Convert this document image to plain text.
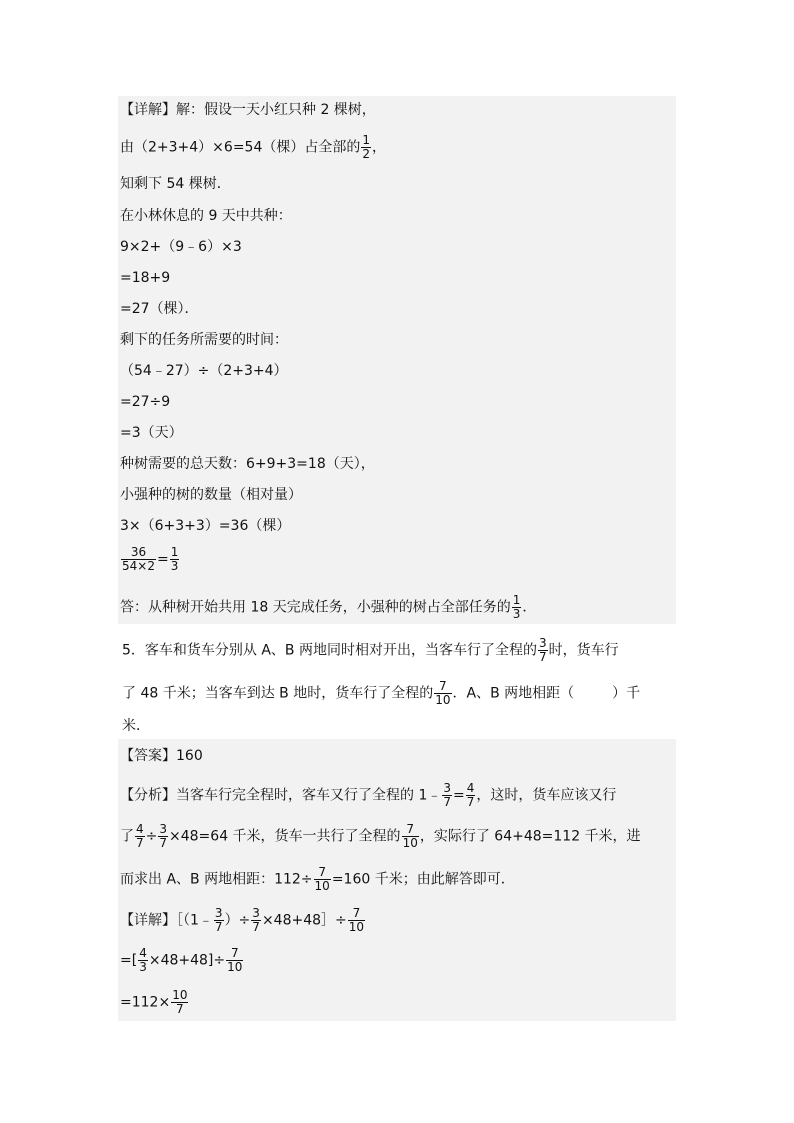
【详解】解：假设一天小红只种 2 棵树，
由（2+3+4）×6=54（棵）占全部的 $\frac{1}{2}$ ，
知剩下 54 棵树．
在小林休息的 9 天中共种：
9×2+（9﹣6）×3
=18+9
=27（棵）．
剩下的任务所需要的时间：
（54﹣27）÷（2+3+4）
=27÷9
=3（天）
种树需要的总天数：6+9+3=18（天），
小强种的树的数量（相对量）
3×（6+3+3）=36（棵）
$\frac{36}{54\times 2} = \frac{1}{3}$
答：从种树开始共用 18 天完成任务，小强种的树占全部任务的 $\frac{1}{3}$ ．
5．客车和货车分别从 A、B 两地同时相对开出，当客车行了全程的 $\frac{3}{7}$ 时，货车行
了 48 千米；当客车到达 B 地时，货车行了全程的 $\frac{7}{10}$ ．A、B 两地相距（	）千
米．
【答案】160
【分析】当客车行完全程时，客车又行了全程的 1﹣ $\frac{3}{7} = \frac{4}{7}$ ，这时，货车应该又行
了 $\frac{4}{7} \div \frac{3}{7} \times 48=64$ 千米，货车一共行了全程的 $\frac{7}{10}$ ，实际行了 64+48=112 千米，进
而求出 A、B 两地相距：$112\div \frac{7}{10} =160$ 千米；由此解答即可．
【详解】［（1﹣ $\frac{3}{7}$ ）÷ $\frac{3}{7}$ ×48+48］÷ $\frac{7}{10}$
=[ $\frac{4}{3} \times 48+48]\div \frac{7}{10}$
$=112\times \frac{10}{7}$
